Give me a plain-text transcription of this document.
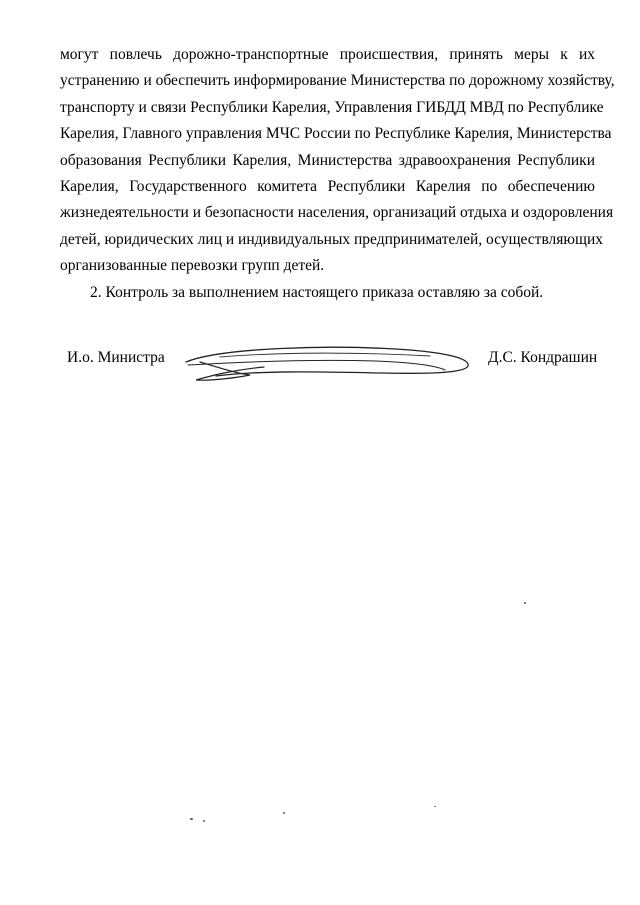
могут повлечь дорожно-транспортные происшествия, принять меры к их
устранению и обеспечить информирование Министерства по дорожному хозяйству,
транспорту и связи Республики Карелия, Управления ГИБДД МВД по Республике
Карелия, Главного управления МЧС России по Республике Карелия, Министерства
образования Республики Карелия, Министерства здравоохранения Республики
Карелия, Государственного комитета Республики Карелия по обеспечению
жизнедеятельности и безопасности населения, организаций отдыха и оздоровления
детей, юридических лиц и индивидуальных предпринимателей, осуществляющих
организованные перевозки групп детей.
2. Контроль за выполнением настоящего приказа оставляю за собой.
И.о. Министра	Д.С. Кондрашин
